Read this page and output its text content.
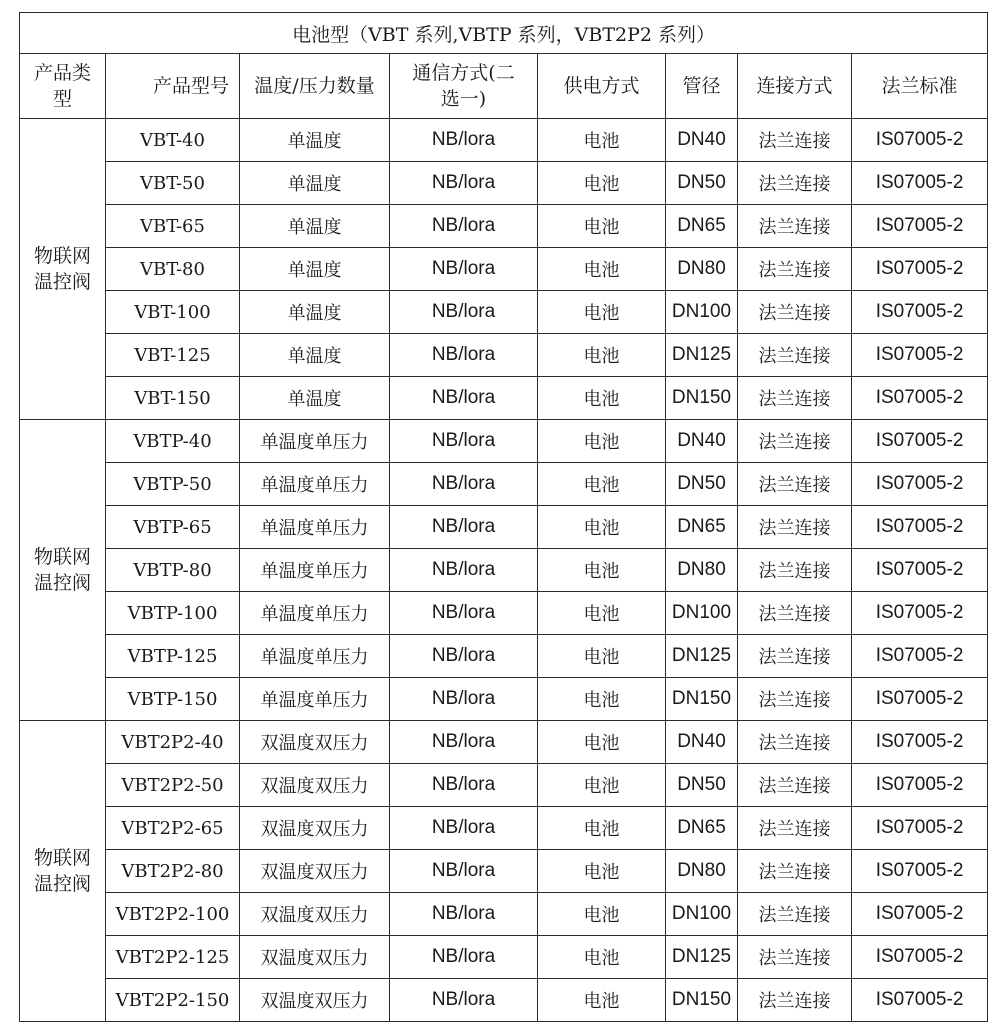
电池型（VBT 系列,VBTP 系列，VBT2P2 系列）							

产品类
型	产品型号	温度/压力数量	通信方式(二
选一)	供电方式	管径	连接方式	法兰标准

物联网
温控阀	VBT-40	单温度	NB/lora	电池	DN40	法兰连接	IS07005-2
	VBT-50	单温度	NB/lora	电池	DN50	法兰连接	IS07005-2
	VBT-65	单温度	NB/lora	电池	DN65	法兰连接	IS07005-2
	VBT-80	单温度	NB/lora	电池	DN80	法兰连接	IS07005-2
	VBT-100	单温度	NB/lora	电池	DN100	法兰连接	IS07005-2
	VBT-125	单温度	NB/lora	电池	DN125	法兰连接	IS07005-2
	VBT-150	单温度	NB/lora	电池	DN150	法兰连接	IS07005-2

物联网
温控阀	VBTP-40	单温度单压力	NB/lora	电池	DN40	法兰连接	IS07005-2
	VBTP-50	单温度单压力	NB/lora	电池	DN50	法兰连接	IS07005-2
	VBTP-65	单温度单压力	NB/lora	电池	DN65	法兰连接	IS07005-2
	VBTP-80	单温度单压力	NB/lora	电池	DN80	法兰连接	IS07005-2
	VBTP-100	单温度单压力	NB/lora	电池	DN100	法兰连接	IS07005-2
	VBTP-125	单温度单压力	NB/lora	电池	DN125	法兰连接	IS07005-2
	VBTP-150	单温度单压力	NB/lora	电池	DN150	法兰连接	IS07005-2

物联网
温控阀	VBT2P2-40	双温度双压力	NB/lora	电池	DN40	法兰连接	IS07005-2
	VBT2P2-50	双温度双压力	NB/lora	电池	DN50	法兰连接	IS07005-2
	VBT2P2-65	双温度双压力	NB/lora	电池	DN65	法兰连接	IS07005-2
	VBT2P2-80	双温度双压力	NB/lora	电池	DN80	法兰连接	IS07005-2
	VBT2P2-100	双温度双压力	NB/lora	电池	DN100	法兰连接	IS07005-2
	VBT2P2-125	双温度双压力	NB/lora	电池	DN125	法兰连接	IS07005-2
	VBT2P2-150	双温度双压力	NB/lora	电池	DN150	法兰连接	IS07005-2
